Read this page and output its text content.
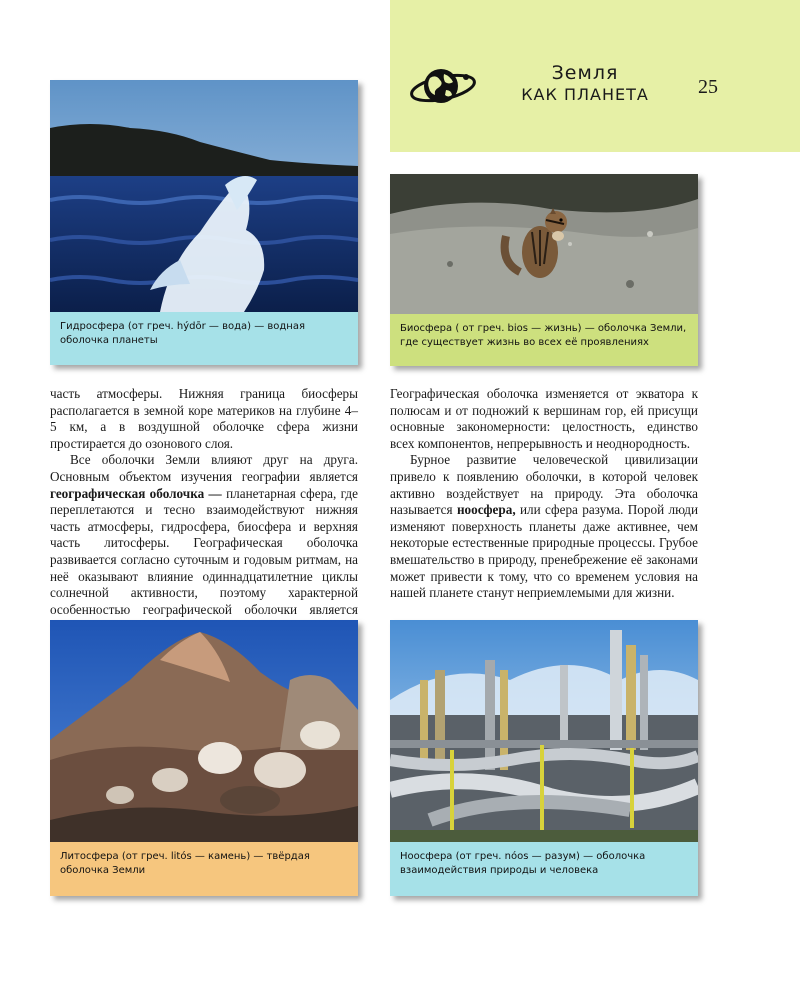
Земля
КАК ПЛАНЕТА	25
Гидросфера (от греч. hýdōr — вода) — водная оболочка планеты
Биосфера ( от греч. bios — жизнь) — оболочка Земли, где существует жизнь во всех её проявлениях

часть атмосферы. Нижняя граница биосферы располагается в земной коре материков на глубине 4–5 км, а в воздушной оболочке сфера жизни простирается до озонового слоя.

Все оболочки Земли влияют друг на друга. Основным объектом изучения географии является географическая оболочка — планетарная сфера, где переплетаются и тесно взаимодействуют нижняя часть атмосферы, гидросфера, биосфера и верхняя часть литосферы. Географическая оболочка развивается согласно суточным и годовым ритмам, на неё оказывают влияние одиннадцатилетние циклы солнечной активности, поэтому характерной особенностью географической оболочки является

Географическая оболочка изменяется от экватора к полюсам и от подножий к вершинам гор, ей присущи основные закономерности: целостность, единство всех компонентов, непрерывность и неоднородность.

Бурное развитие человеческой цивилизации привело к появлению оболочки, в которой человек активно воздействует на природу. Эта оболочка называется ноосфера, или сфера разума. Порой люди изменяют поверхность планеты даже активнее, чем некоторые естественные природные процессы. Грубое вмешательство в природу, пренебрежение её законами может привести к тому, что со временем условия на нашей планете станут неприемлемыми для жизни.

Литосфера (от греч. litós — камень) — твёрдая оболочка Земли
Ноосфера (от греч. nóos — разум) — оболочка взаимодействия природы и человека
